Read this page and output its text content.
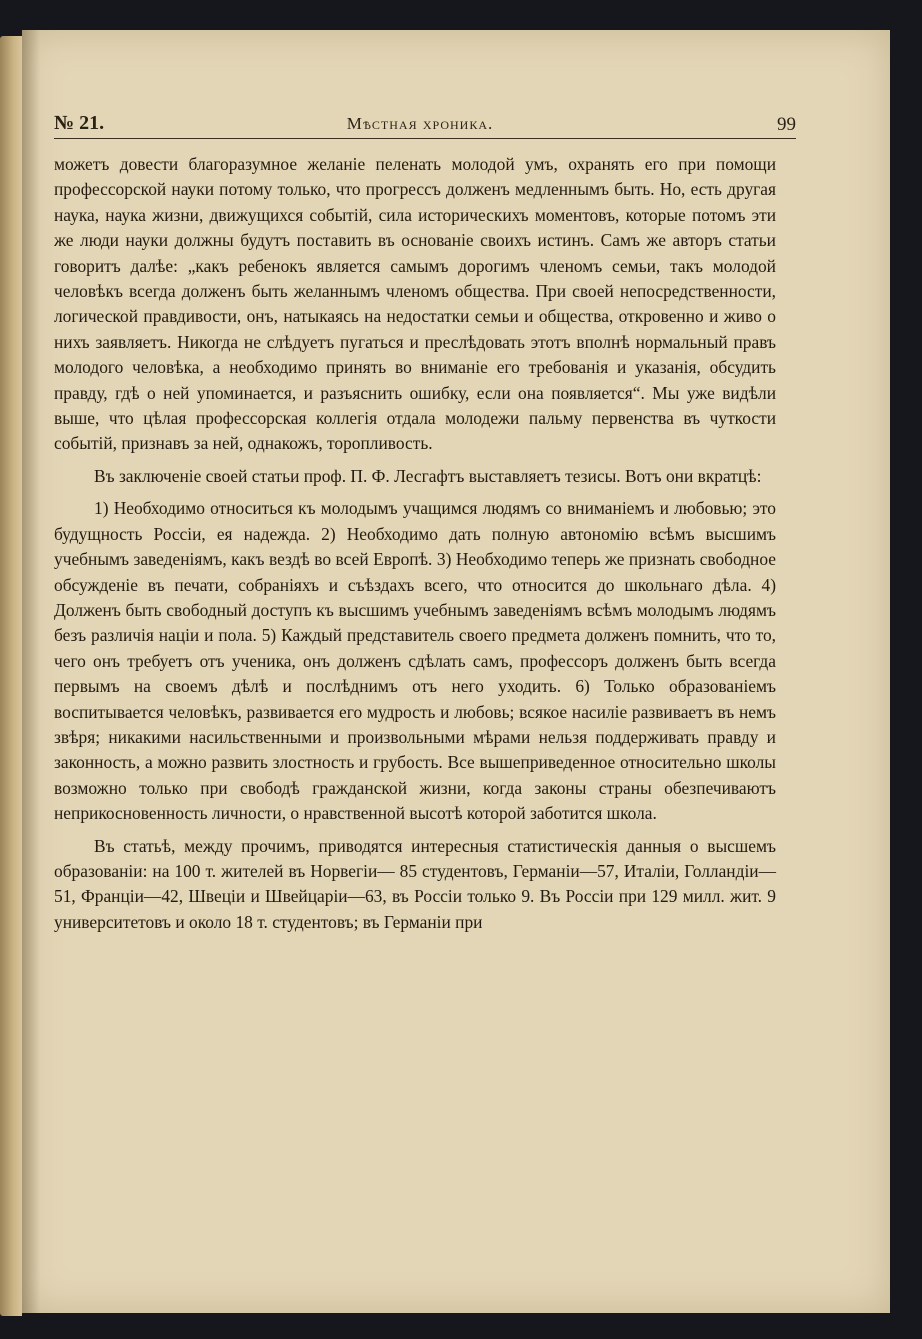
№ 21.	Мѣстная хроника.	99

можетъ довести благоразумное желаніе пеленать молодой умъ, охранять его при помощи профессорской науки потому только, что прогрессъ долженъ медленнымъ быть. Но, есть другая наука, наука жизни, движущихся событій, сила историческихъ моментовъ, которые потомъ эти же люди науки должны будутъ поставить въ основаніе своихъ истинъ. Самъ же авторъ статьи говоритъ далѣе: „какъ ребенокъ является самымъ дорогимъ членомъ семьи, такъ молодой человѣкъ всегда долженъ быть желаннымъ членомъ общества. При своей непосредственности, логической правдивости, онъ, натыкаясь на недостатки семьи и общества, откровенно и живо о нихъ заявляетъ. Никогда не слѣдуетъ пугаться и преслѣдовать этотъ вполнѣ нормальный правъ молодого человѣка, а необходимо принять во вниманіе его требованія и указанія, обсудить правду, гдѣ о ней упоминается, и разъяснить ошибку, если она появляется“. Мы уже видѣли выше, что цѣлая профессорская коллегія отдала молодежи пальму первенства въ чуткости событій, признавъ за ней, однакожъ, торопливость.

Въ заключеніе своей статьи проф. П. Ф. Лесгафтъ выставляетъ тезисы. Вотъ они вкратцѣ:

1) Необходимо относиться къ молодымъ учащимся людямъ со вниманіемъ и любовью; это будущность Россіи, ея надежда. 2) Необходимо дать полную автономію всѣмъ высшимъ учебнымъ заведеніямъ, какъ вездѣ во всей Европѣ. 3) Необходимо теперь же признать свободное обсужденіе въ печати, собраніяхъ и съѣздахъ всего, что относится до школьнаго дѣла. 4) Долженъ быть свободный доступъ къ высшимъ учебнымъ заведеніямъ всѣмъ молодымъ людямъ безъ различія націи и пола. 5) Каждый представитель своего предмета долженъ помнить, что то, чего онъ требуетъ отъ ученика, онъ долженъ сдѣлать самъ, профессоръ долженъ быть всегда первымъ на своемъ дѣлѣ и послѣднимъ отъ него уходить. 6) Только образованіемъ воспитывается человѣкъ, развивается его мудрость и любовь; всякое насиліе развиваетъ въ немъ звѣря; никакими насильственными и произвольными мѣрами нельзя поддерживать правду и законность, а можно развить злостность и грубость. Все вышеприведенное относительно школы возможно только при свободѣ гражданской жизни, когда законы страны обезпечиваютъ неприкосновенность личности, о нравственной высотѣ которой заботится школа.

Въ статьѣ, между прочимъ, приводятся интересныя статистическія данныя о высшемъ образованіи: на 100 т. жителей въ Норвегіи— 85 студентовъ, Германіи—57, Италіи, Голландіи—51, Франціи—42, Швеціи и Швейцаріи—63, въ Россіи только 9. Въ Россіи при 129 милл. жит. 9 университетовъ и около 18 т. студентовъ; въ Германіи при
